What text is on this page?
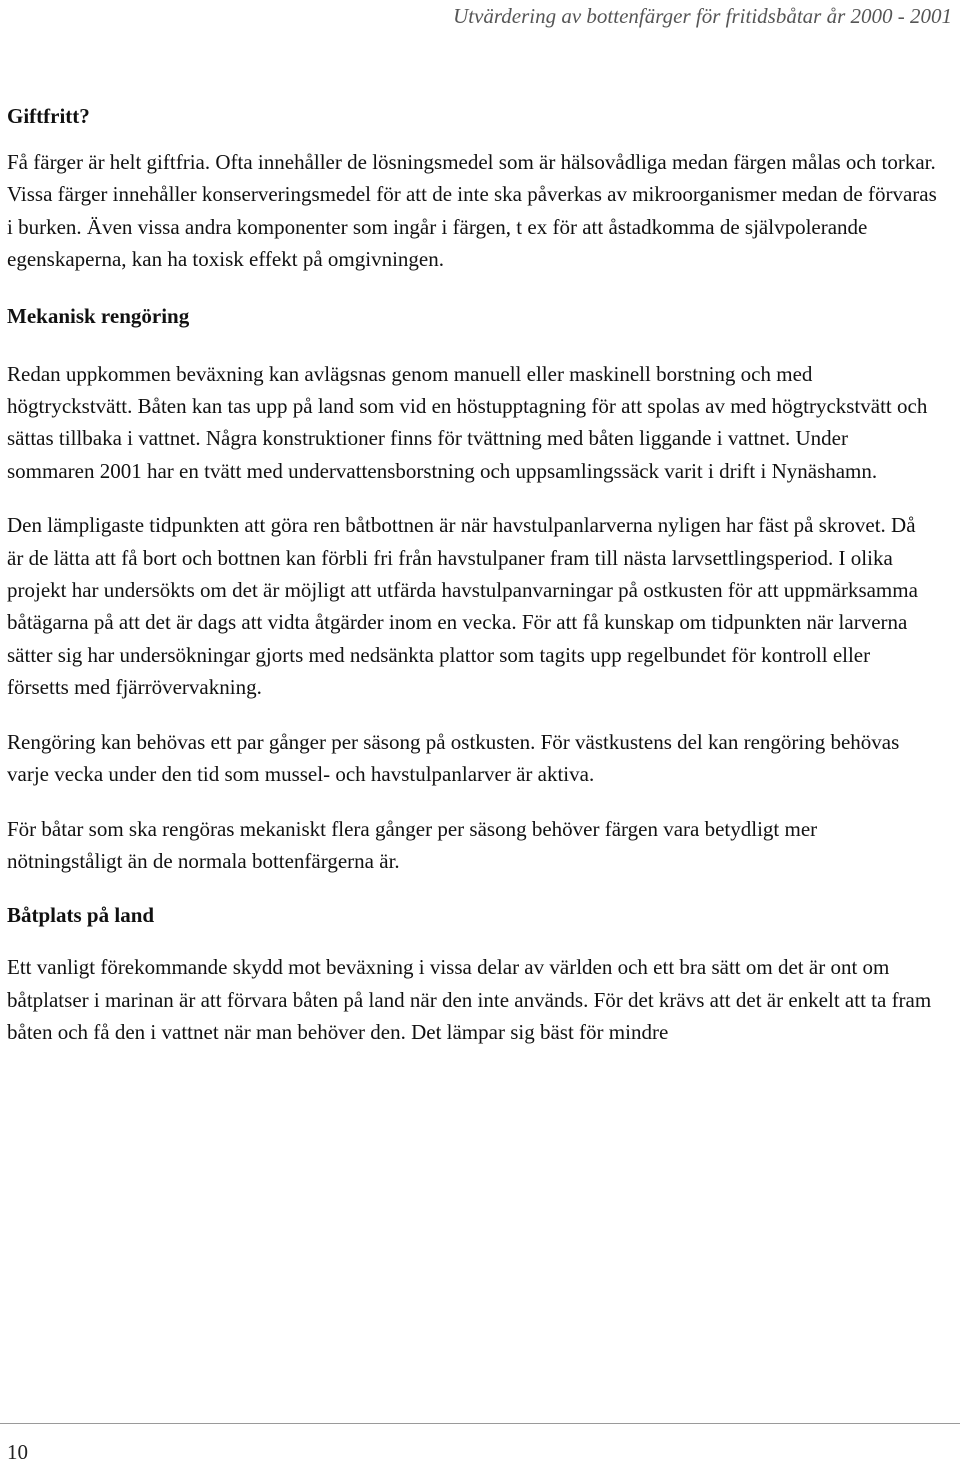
Utvärdering av bottenfärger för fritidsbåtar år 2000 - 2001
Giftfritt?

Få färger är helt giftfria. Ofta innehåller de lösningsmedel som är hälsovådliga medan färgen målas och torkar. Vissa färger innehåller konserveringsmedel för att de inte ska påverkas av mikroorganismer medan de förvaras i burken. Även vissa andra komponenter som ingår i färgen, t ex för att åstadkomma de självpolerande egenskaperna, kan ha toxisk effekt på omgivningen.

Mekanisk rengöring

Redan uppkommen beväxning kan avlägsnas genom manuell eller maskinell borstning och med högtryckstvätt. Båten kan tas upp på land som vid en höstupptagning för att spolas av med högtryckstvätt och sättas tillbaka i vattnet. Några konstruktioner finns för tvättning med båten liggande i vattnet. Under sommaren 2001 har en tvätt med undervattensborstning och uppsamlingssäck varit i drift i Nynäshamn.

Den lämpligaste tidpunkten att göra ren båtbottnen är när havstulpanlarverna nyligen har fäst på skrovet. Då är de lätta att få bort och bottnen kan förbli fri från havstulpaner fram till nästa larvsettlingsperiod. I olika projekt har undersökts om det är möjligt att utfärda havstulpanvarningar på ostkusten för att uppmärksamma båtägarna på att det är dags att vidta åtgärder inom en vecka. För att få kunskap om tidpunkten när larverna sätter sig har undersökningar gjorts med nedsänkta plattor som tagits upp regelbundet för kontroll eller försetts med fjärrövervakning.

Rengöring kan behövas ett par gånger per säsong på ostkusten. För västkustens del kan rengöring behövas varje vecka under den tid som mussel- och havstulpanlarver är aktiva.

För båtar som ska rengöras mekaniskt flera gånger per säsong behöver färgen vara betydligt mer nötningståligt än de normala bottenfärgerna är.

Båtplats på land

Ett vanligt förekommande skydd mot beväxning i vissa delar av världen och ett bra sätt om det är ont om båtplatser i marinan är att förvara båten på land när den inte används. För det krävs att det är enkelt att ta fram båten och få den i vattnet när man behöver den. Det lämpar sig bäst för mindre

10
